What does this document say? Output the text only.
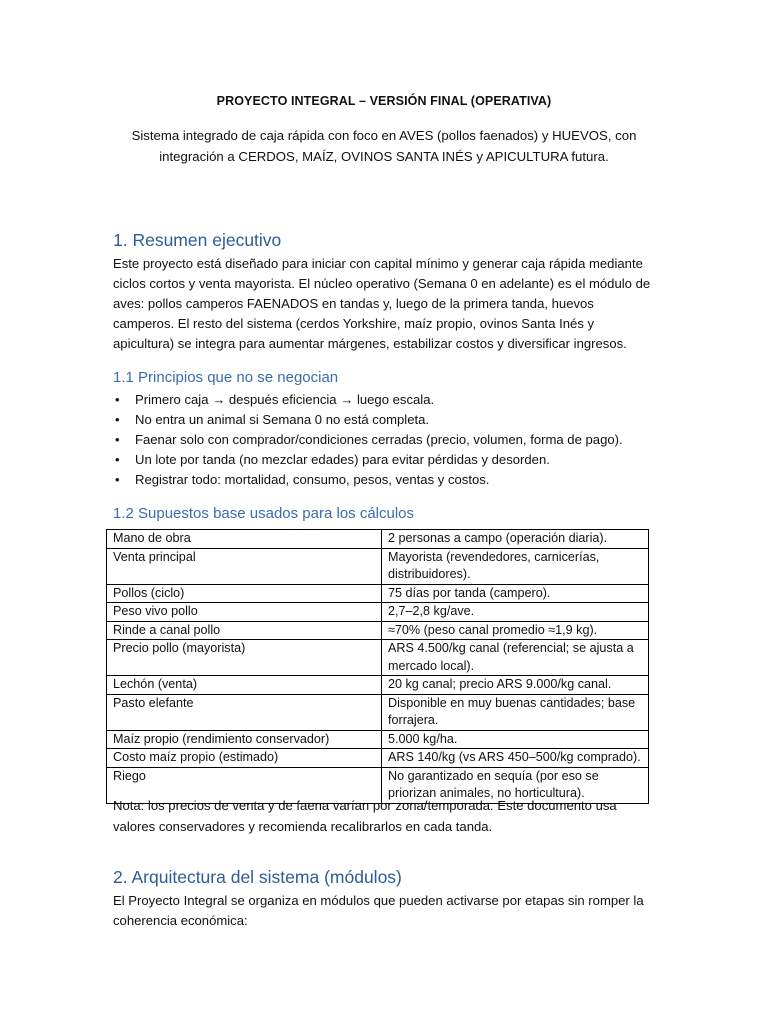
PROYECTO INTEGRAL – VERSIÓN FINAL (OPERATIVA)
Sistema integrado de caja rápida con foco en AVES (pollos faenados) y HUEVOS, con integración a CERDOS, MAÍZ, OVINOS SANTA INÉS y APICULTURA futura.
1. Resumen ejecutivo
Este proyecto está diseñado para iniciar con capital mínimo y generar caja rápida mediante ciclos cortos y venta mayorista. El núcleo operativo (Semana 0 en adelante) es el módulo de aves: pollos camperos FAENADOS en tandas y, luego de la primera tanda, huevos camperos. El resto del sistema (cerdos Yorkshire, maíz propio, ovinos Santa Inés y apicultura) se integra para aumentar márgenes, estabilizar costos y diversificar ingresos.
1.1 Principios que no se negocian
• Primero caja → después eficiencia → luego escala.
• No entra un animal si Semana 0 no está completa.
• Faenar solo con comprador/condiciones cerradas (precio, volumen, forma de pago).
• Un lote por tanda (no mezclar edades) para evitar pérdidas y desorden.
• Registrar todo: mortalidad, consumo, pesos, ventas y costos.
1.2 Supuestos base usados para los cálculos
Mano de obra	2 personas a campo (operación diaria).
Venta principal	Mayorista (revendedores, carnicerías, distribuidores).
Pollos (ciclo)	75 días por tanda (campero).
Peso vivo pollo	2,7–2,8 kg/ave.
Rinde a canal pollo	≈70% (peso canal promedio ≈1,9 kg).
Precio pollo (mayorista)	ARS 4.500/kg canal (referencial; se ajusta a mercado local).
Lechón (venta)	20 kg canal; precio ARS 9.000/kg canal.
Pasto elefante	Disponible en muy buenas cantidades; base forrajera.
Maíz propio (rendimiento conservador)	5.000 kg/ha.
Costo maíz propio (estimado)	ARS 140/kg (vs ARS 450–500/kg comprado).
Riego	No garantizado en sequía (por eso se priorizan animales, no horticultura).
Nota: los precios de venta y de faena varían por zona/temporada. Este documento usa valores conservadores y recomienda recalibrarlos en cada tanda.
2. Arquitectura del sistema (módulos)
El Proyecto Integral se organiza en módulos que pueden activarse por etapas sin romper la coherencia económica:
